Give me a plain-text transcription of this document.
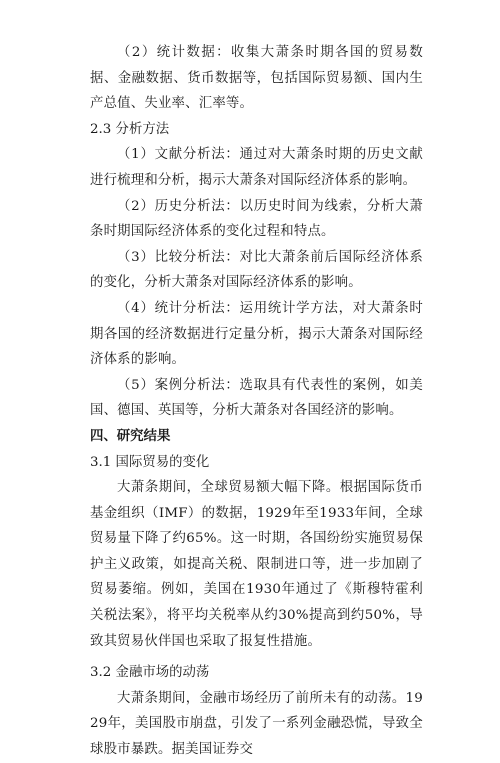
（2）统计数据：收集大萧条时期各国的贸易数据、金融数据、货币数据等，包括国际贸易额、国内生产总值、失业率、汇率等。

2.3 分析方法

（1）文献分析法：通过对大萧条时期的历史文献进行梳理和分析，揭示大萧条对国际经济体系的影响。

（2）历史分析法：以历史时间为线索，分析大萧条时期国际经济体系的变化过程和特点。

（3）比较分析法：对比大萧条前后国际经济体系的变化，分析大萧条对国际经济体系的影响。

（4）统计分析法：运用统计学方法，对大萧条时期各国的经济数据进行定量分析，揭示大萧条对国际经济体系的影响。

（5）案例分析法：选取具有代表性的案例，如美国、德国、英国等，分析大萧条对各国经济的影响。

四、研究结果

3.1 国际贸易的变化

大萧条期间，全球贸易额大幅下降。根据国际货币基金组织（IMF）的数据，1929年至1933年间，全球贸易量下降了约65%。这一时期，各国纷纷实施贸易保护主义政策，如提高关税、限制进口等，进一步加剧了贸易萎缩。例如，美国在1930年通过了《斯穆特霍利关税法案》，将平均关税率从约30%提高到约50%，导致其贸易伙伴国也采取了报复性措施。

3.2 金融市场的动荡

大萧条期间，金融市场经历了前所未有的动荡。1929年，美国股市崩盘，引发了一系列金融恐慌，导致全球股市暴跌。据美国证券交
